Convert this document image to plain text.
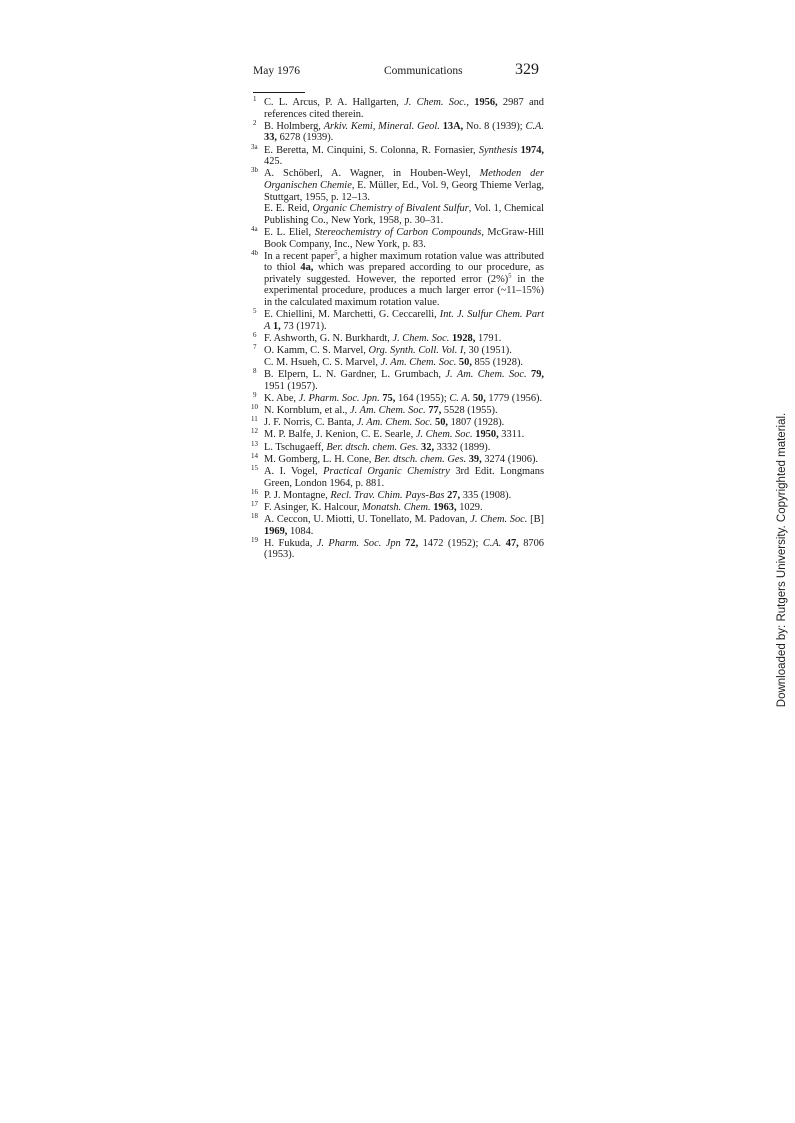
May 1976	Communications	329
1 C. L. Arcus, P. A. Hallgarten, J. Chem. Soc., 1956, 2987 and references cited therein.

2 B. Holmberg, Arkiv. Kemi, Mineral. Geol. 13A, No. 8 (1939); C.A. 33, 6278 (1939).

3a E. Beretta, M. Cinquini, S. Colonna, R. Fornasier, Synthesis 1974, 425.

3b A. Schöberl, A. Wagner, in Houben-Weyl, Methoden der Organischen Chemie, E. Müller, Ed., Vol. 9, Georg Thieme Verlag, Stuttgart, 1955, p. 12–13.

E. E. Reid, Organic Chemistry of Bivalent Sulfur, Vol. 1, Chemical Publishing Co., New York, 1958, p. 30–31.

4a E. L. Eliel, Stereochemistry of Carbon Compounds, McGraw-Hill Book Company, Inc., New York, p. 83.

4b In a recent paper$^5$, a higher maximum rotation value was attributed to thiol 4a, which was prepared according to our procedure, as privately suggested. However, the reported error $(2\%)^5$ in the experimental procedure, produces a much larger error (~11–15%) in the calculated maximum rotation value.

5 E. Chiellini, M. Marchetti, G. Ceccarelli, Int. J. Sulfur Chem. Part A 1, 73 (1971).

6 F. Ashworth, G. N. Burkhardt, J. Chem. Soc. 1928, 1791.

7 O. Kamm, C. S. Marvel, Org. Synth. Coll. Vol. I, 30 (1951).

C. M. Hsueh, C. S. Marvel, J. Am. Chem. Soc. 50, 855 (1928).

8 B. Elpern, L. N. Gardner, L. Grumbach, J. Am. Chem. Soc. 79, 1951 (1957).

9 K. Abe, J. Pharm. Soc. Jpn. 75, 164 (1955); C. A. 50, 1779 (1956).

10 N. Kornblum, et al., J. Am. Chem. Soc. 77, 5528 (1955).

11 J. F. Norris, C. Banta, J. Am. Chem. Soc. 50, 1807 (1928).

12 M. P. Balfe, J. Kenion, C. E. Searle, J. Chem. Soc. 1950, 3311.

13 L. Tschugaeff, Ber. dtsch. chem. Ges. 32, 3332 (1899).

14 M. Gomberg, L. H. Cone, Ber. dtsch. chem. Ges. 39, 3274 (1906).

15 A. I. Vogel, Practical Organic Chemistry 3rd Edit. Longmans Green, London 1964, p. 881.

16 P. J. Montagne, Recl. Trav. Chim. Pays-Bas 27, 335 (1908).

17 F. Asinger, K. Halcour, Monatsh. Chem. 1963, 1029.

18 A. Ceccon, U. Miotti, U. Tonellato, M. Padovan, J. Chem. Soc. [B] 1969, 1084.

19 H. Fukuda, J. Pharm. Soc. Jpn 72, 1472 (1952); C.A. 47, 8706 (1953).	Downloaded by: Rutgers University. Copyrighted material.
